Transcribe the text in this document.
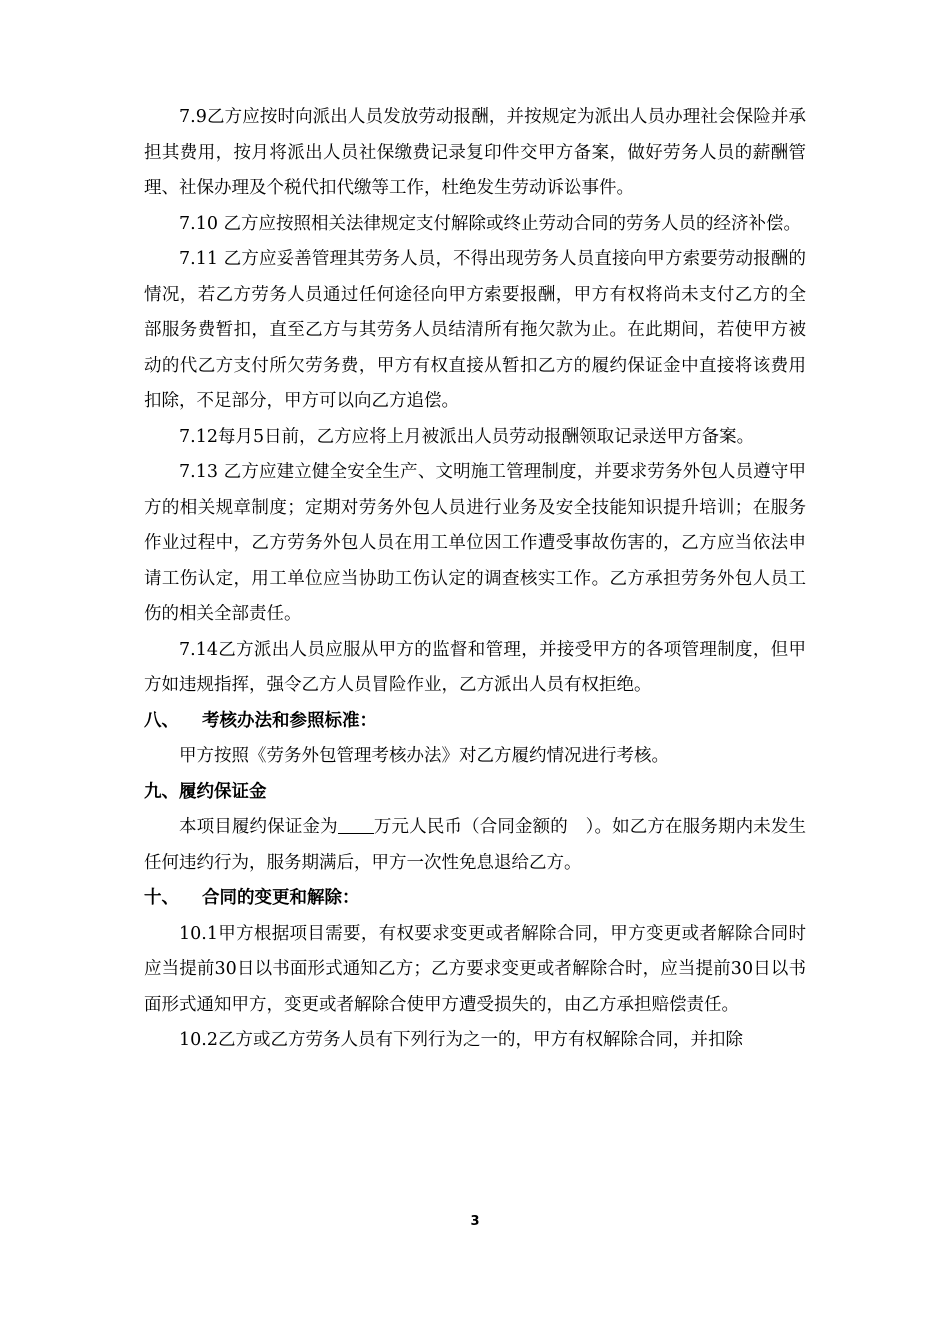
7.9乙方应按时向派出人员发放劳动报酬，并按规定为派出人员办理社会保险并承担其费用，按月将派出人员社保缴费记录复印件交甲方备案，做好劳务人员的薪酬管理、社保办理及个税代扣代缴等工作，杜绝发生劳动诉讼事件。

7.10 乙方应按照相关法律规定支付解除或终止劳动合同的劳务人员的经济补偿。

7.11 乙方应妥善管理其劳务人员，不得出现劳务人员直接向甲方索要劳动报酬的情况，若乙方劳务人员通过任何途径向甲方索要报酬，甲方有权将尚未支付乙方的全部服务费暂扣，直至乙方与其劳务人员结清所有拖欠款为止。在此期间，若使甲方被动的代乙方支付所欠劳务费，甲方有权直接从暂扣乙方的履约保证金中直接将该费用扣除，不足部分，甲方可以向乙方追偿。

7.12每月5日前，乙方应将上月被派出人员劳动报酬领取记录送甲方备案。

7.13 乙方应建立健全安全生产、文明施工管理制度，并要求劳务外包人员遵守甲方的相关规章制度；定期对劳务外包人员进行业务及安全技能知识提升培训；在服务作业过程中，乙方劳务外包人员在用工单位因工作遭受事故伤害的，乙方应当依法申请工伤认定，用工单位应当协助工伤认定的调查核实工作。乙方承担劳务外包人员工伤的相关全部责任。

7.14乙方派出人员应服从甲方的监督和管理，并接受甲方的各项管理制度，但甲方如违规指挥，强令乙方人员冒险作业，乙方派出人员有权拒绝。

八、 考核办法和参照标准：

甲方按照《劳务外包管理考核办法》对乙方履约情况进行考核。

九、履约保证金

本项目履约保证金为 万元人民币（合同金额的　）。如乙方在服务期内未发生任何违约行为，服务期满后，甲方一次性免息退给乙方。

十、 合同的变更和解除：

10.1甲方根据项目需要，有权要求变更或者解除合同，甲方变更或者解除合同时应当提前30日以书面形式通知乙方；乙方要求变更或者解除合时，应当提前30日以书面形式通知甲方，变更或者解除合使甲方遭受损失的，由乙方承担赔偿责任。

10.2乙方或乙方劳务人员有下列行为之一的，甲方有权解除合同，并扣除

3
